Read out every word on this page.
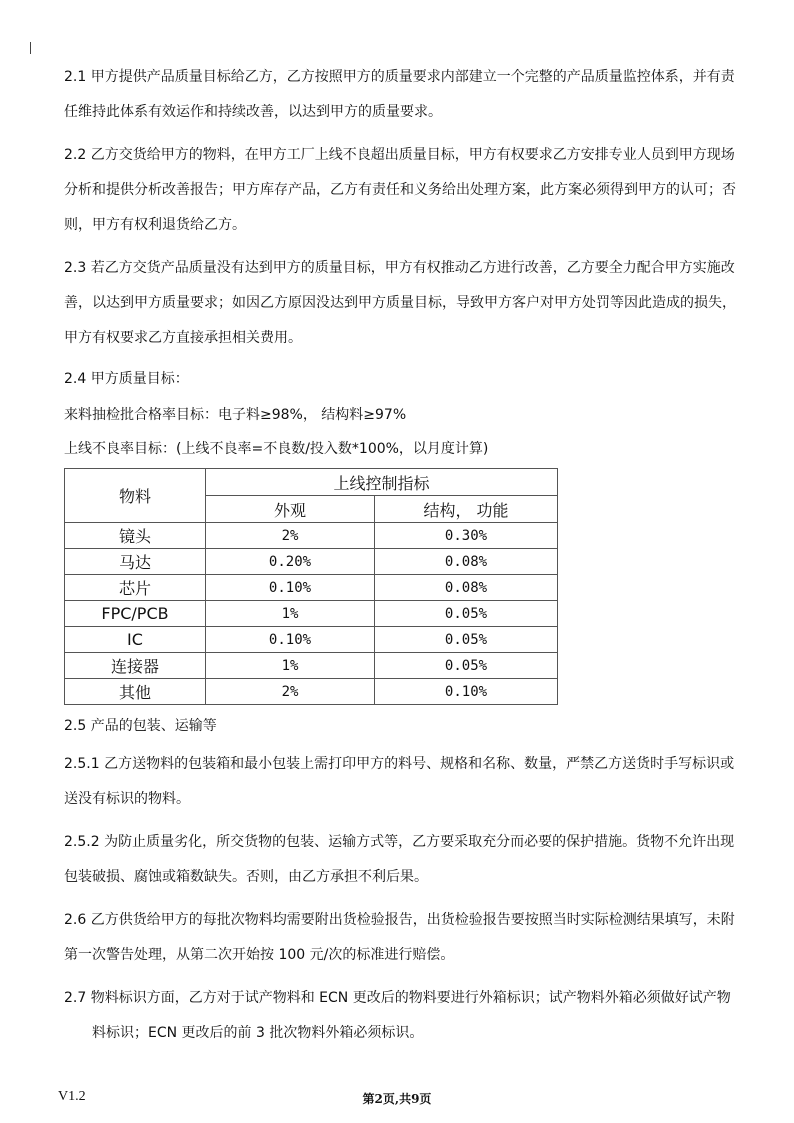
2.1 甲方提供产品质量目标给乙方，乙方按照甲方的质量要求内部建立一个完整的产品质量监控体系，并有责任维持此体系有效运作和持续改善，以达到甲方的质量要求。

2.2 乙方交货给甲方的物料，在甲方工厂上线不良超出质量目标，甲方有权要求乙方安排专业人员到甲方现场分析和提供分析改善报告；甲方库存产品，乙方有责任和义务给出处理方案，此方案必须得到甲方的认可；否则，甲方有权利退货给乙方。

2.3 若乙方交货产品质量没有达到甲方的质量目标，甲方有权推动乙方进行改善，乙方要全力配合甲方实施改善，以达到甲方质量要求；如因乙方原因没达到甲方质量目标，导致甲方客户对甲方处罚等因此造成的损失，甲方有权要求乙方直接承担相关费用。

2.4 甲方质量目标：

来料抽检批合格率目标：电子料≥98%， 结构料≥97%

上线不良率目标：(上线不良率=不良数/投入数*100%，以月度计算)

物料	上线控制指标	
	外观	结构， 功能
镜头	2%	0.30%
马达	0.20%	0.08%
芯片	0.10%	0.08%
FPC/PCB	1%	0.05%
IC	0.10%	0.05%
连接器	1%	0.05%
其他	2%	0.10%

2.5 产品的包装、运输等

2.5.1 乙方送物料的包装箱和最小包装上需打印甲方的料号、规格和名称、数量，严禁乙方送货时手写标识或送没有标识的物料。

2.5.2 为防止质量劣化，所交货物的包装、运输方式等，乙方要采取充分而必要的保护措施。货物不允许出现包装破损、腐蚀或箱数缺失。否则，由乙方承担不利后果。

2.6 乙方供货给甲方的每批次物料均需要附出货检验报告，出货检验报告要按照当时实际检测结果填写，未附第一次警告处理，从第二次开始按 100 元/次的标准进行赔偿。

2.7 物料标识方面，乙方对于试产物料和 ECN 更改后的物料要进行外箱标识；试产物料外箱必须做好试产物料标识；ECN 更改后的前 3 批次物料外箱必须标识。

V1.2	第2页,共9页
